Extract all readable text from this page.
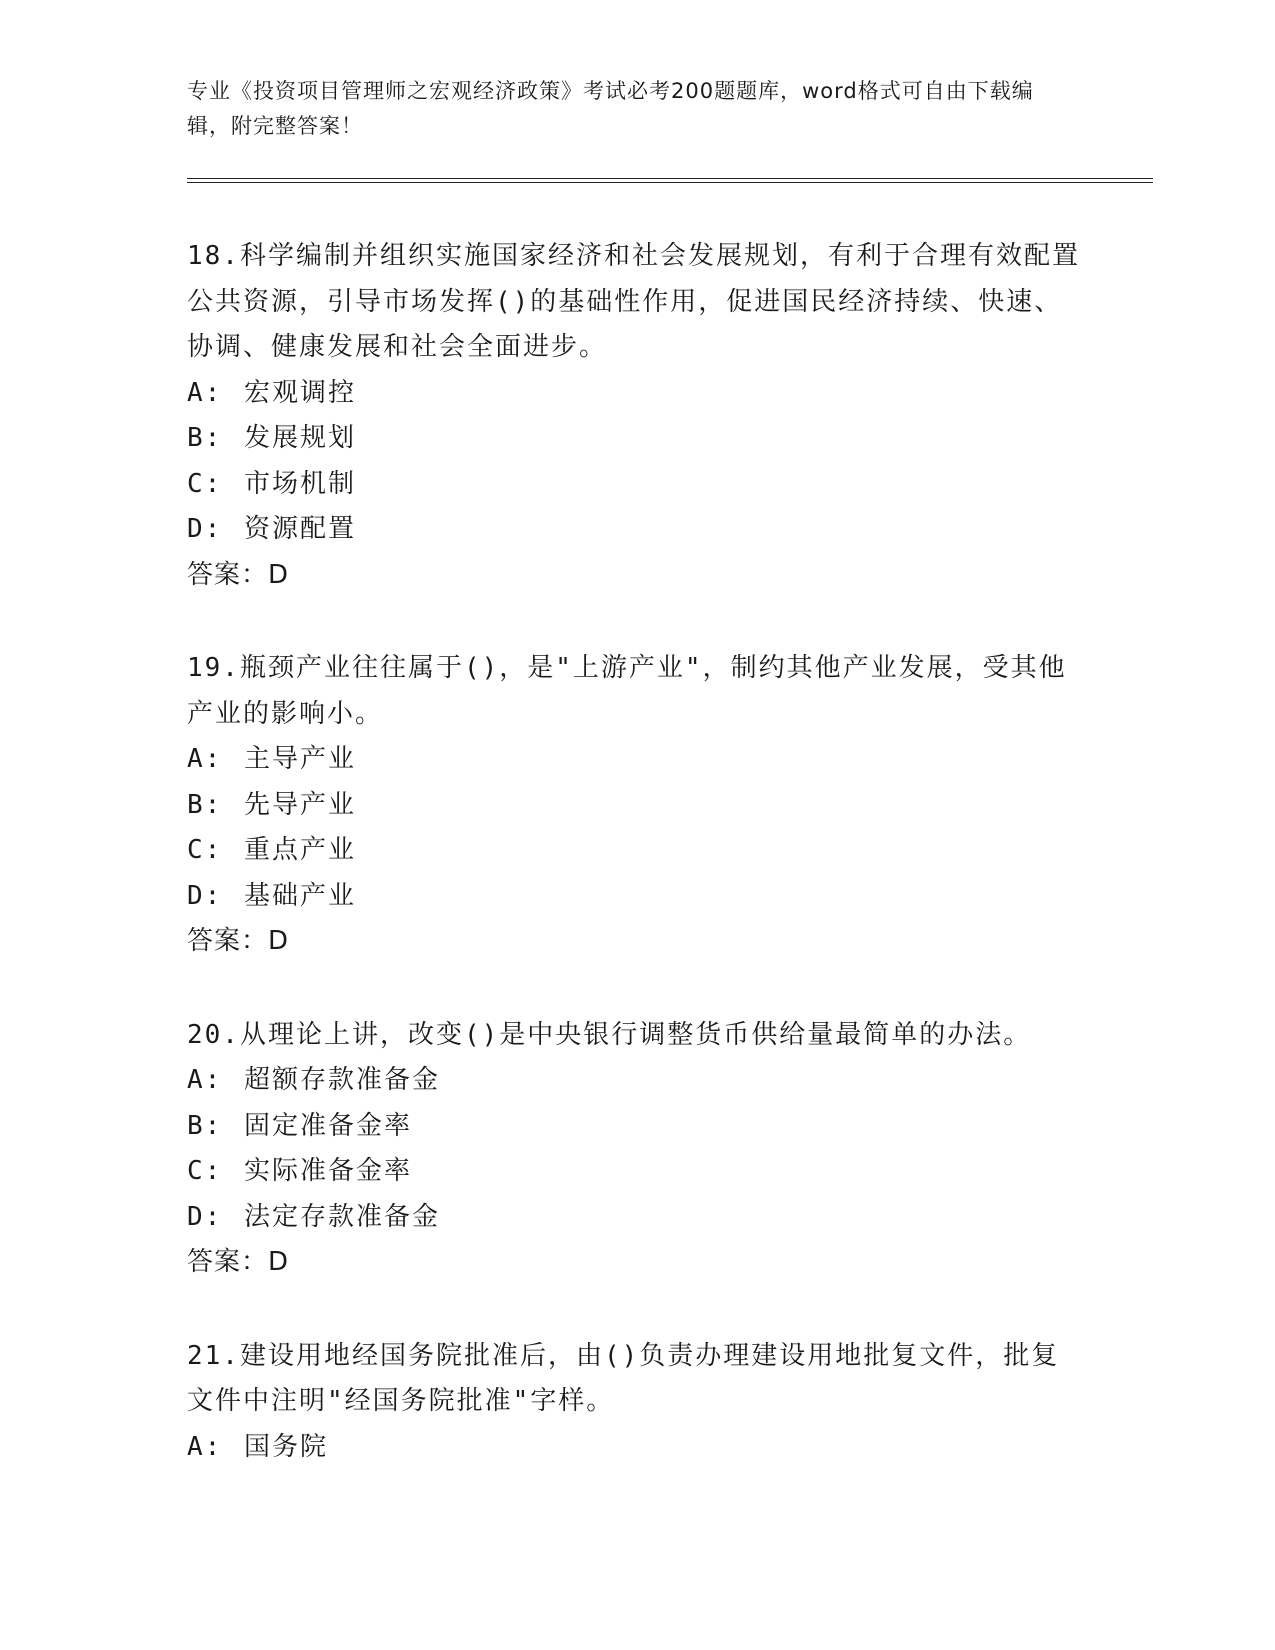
专业《投资项目管理师之宏观经济政策》考试必考200题题库，word格式可自由下载编辑，附完整答案！

18.科学编制并组织实施国家经济和社会发展规划，有利于合理有效配置公共资源，引导市场发挥()的基础性作用，促进国民经济持续、快速、协调、健康发展和社会全面进步。

A: 宏观调控

B: 发展规划

C: 市场机制

D: 资源配置

答案：D

19.瓶颈产业往往属于()，是"上游产业"，制约其他产业发展，受其他产业的影响小。

A: 主导产业

B: 先导产业

C: 重点产业

D: 基础产业

答案：D

20.从理论上讲，改变()是中央银行调整货币供给量最简单的办法。

A: 超额存款准备金

B: 固定准备金率

C: 实际准备金率

D: 法定存款准备金

答案：D

21.建设用地经国务院批准后，由()负责办理建设用地批复文件，批复文件中注明"经国务院批准"字样。

A: 国务院
